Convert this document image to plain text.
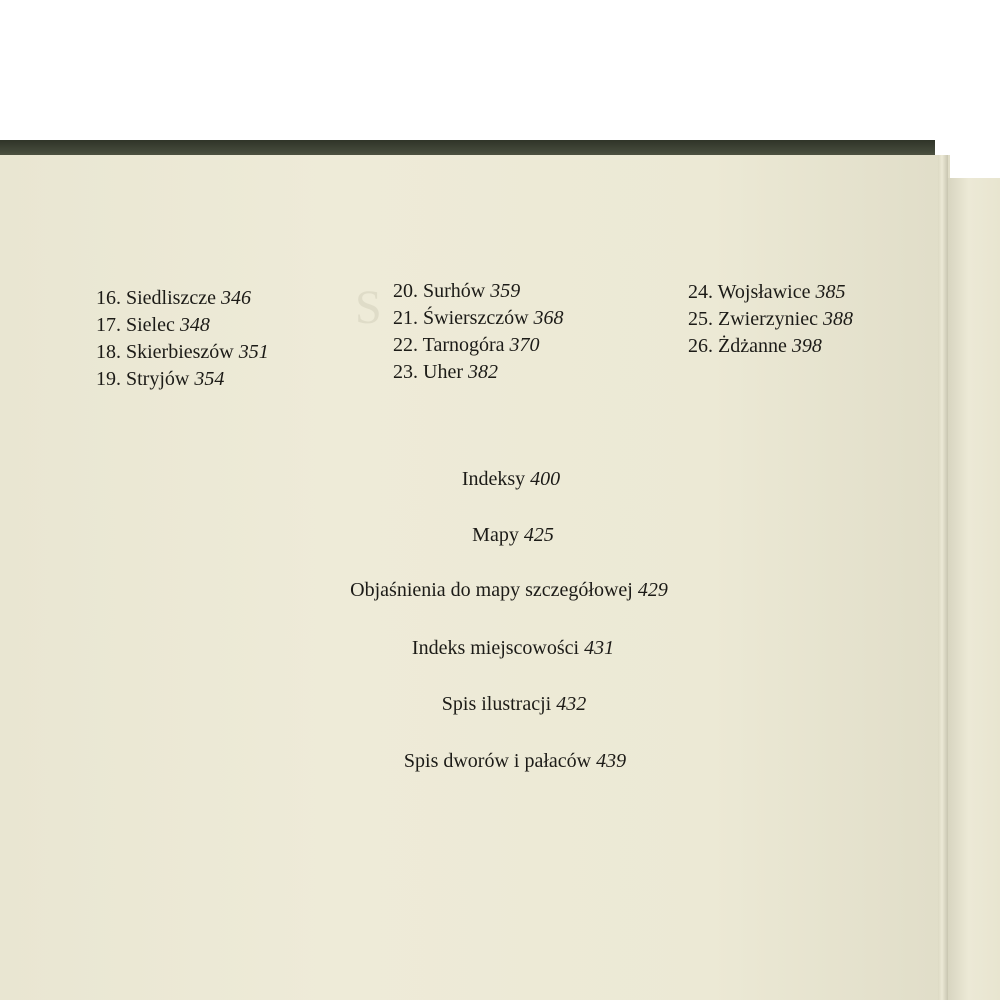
S

16. Siedliszcze 346
17. Sielec 348
18. Skierbieszów 351
19. Stryjów 354
20. Surhów 359
21. Świerszczów 368
22. Tarnogóra 370
23. Uher 382
24. Wojsławice 385
25. Zwierzyniec 388
26. Żdżanne 398
Indeksy 400
Mapy 425
Objaśnienia do mapy szczegółowej 429
Indeks miejscowości 431
Spis ilustracji 432
Spis dworów i pałaców 439
